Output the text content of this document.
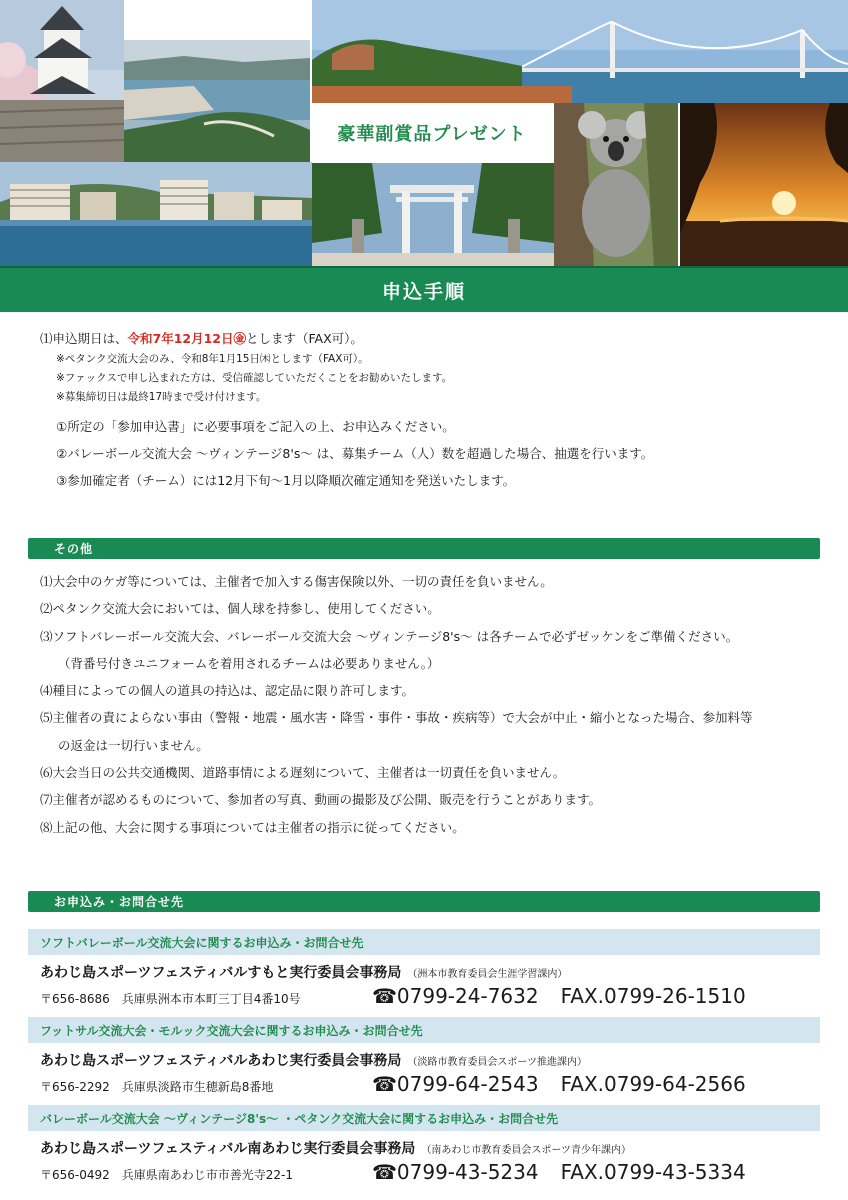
豪華副賞品プレゼント
申込手順
⑴申込期日は、令和7年12月12日㊎とします（FAX可）。
※ペタンク交流大会のみ、令和8年1月15日㈭とします（FAX可）。
※ファックスで申し込まれた方は、受信確認していただくことをお勧めいたします。
※募集締切日は最終17時まで受け付けます。
①所定の「参加申込書」に必要事項をご記入の上、お申込みください。
②バレーボール交流大会 ～ヴィンテージ8's～ は、募集チーム（人）数を超過した場合、抽選を行います。
③参加確定者（チーム）には12月下旬～1月以降順次確定通知を発送いたします。
その他
⑴大会中のケガ等については、主催者で加入する傷害保険以外、一切の責任を負いません。
⑵ペタンク交流大会においては、個人球を持参し、使用してください。
⑶ソフトバレーボール交流大会、バレーボール交流大会 ～ヴィンテージ8's～ は各チームで必ずゼッケンをご準備ください。
（背番号付きユニフォームを着用されるチームは必要ありません。）
⑷種目によっての個人の道具の持込は、認定品に限り許可します。
⑸主催者の責によらない事由（警報・地震・風水害・降雪・事件・事故・疾病等）で大会が中止・縮小となった場合、参加料等
の返金は一切行いません。
⑹大会当日の公共交通機関、道路事情による遅刻について、主催者は一切責任を負いません。
⑺主催者が認めるものについて、参加者の写真、動画の撮影及び公開、販売を行うことがあります。
⑻上記の他、大会に関する事項については主催者の指示に従ってください。
お申込み・お問合せ先
ソフトバレーボール交流大会に関するお申込み・お問合せ先
あわじ島スポーツフェスティバルすもと実行委員会事務局 （洲本市教育委員会生涯学習課内）
〒656-8686　兵庫県洲本市本町三丁目4番10号	☎0799-24-7632 FAX.0799-26-1510
フットサル交流大会・モルック交流大会に関するお申込み・お問合せ先
あわじ島スポーツフェスティバルあわじ実行委員会事務局 （淡路市教育委員会スポーツ推進課内）
〒656-2292　兵庫県淡路市生穂新島8番地	☎0799-64-2543 FAX.0799-64-2566
バレーボール交流大会 ～ヴィンテージ8's～ ・ペタンク交流大会に関するお申込み・お問合せ先
あわじ島スポーツフェスティバル南あわじ実行委員会事務局 （南あわじ市教育委員会スポーツ青少年課内）
〒656-0492　兵庫県南あわじ市市善光寺22-1	☎0799-43-5234 FAX.0799-43-5334
